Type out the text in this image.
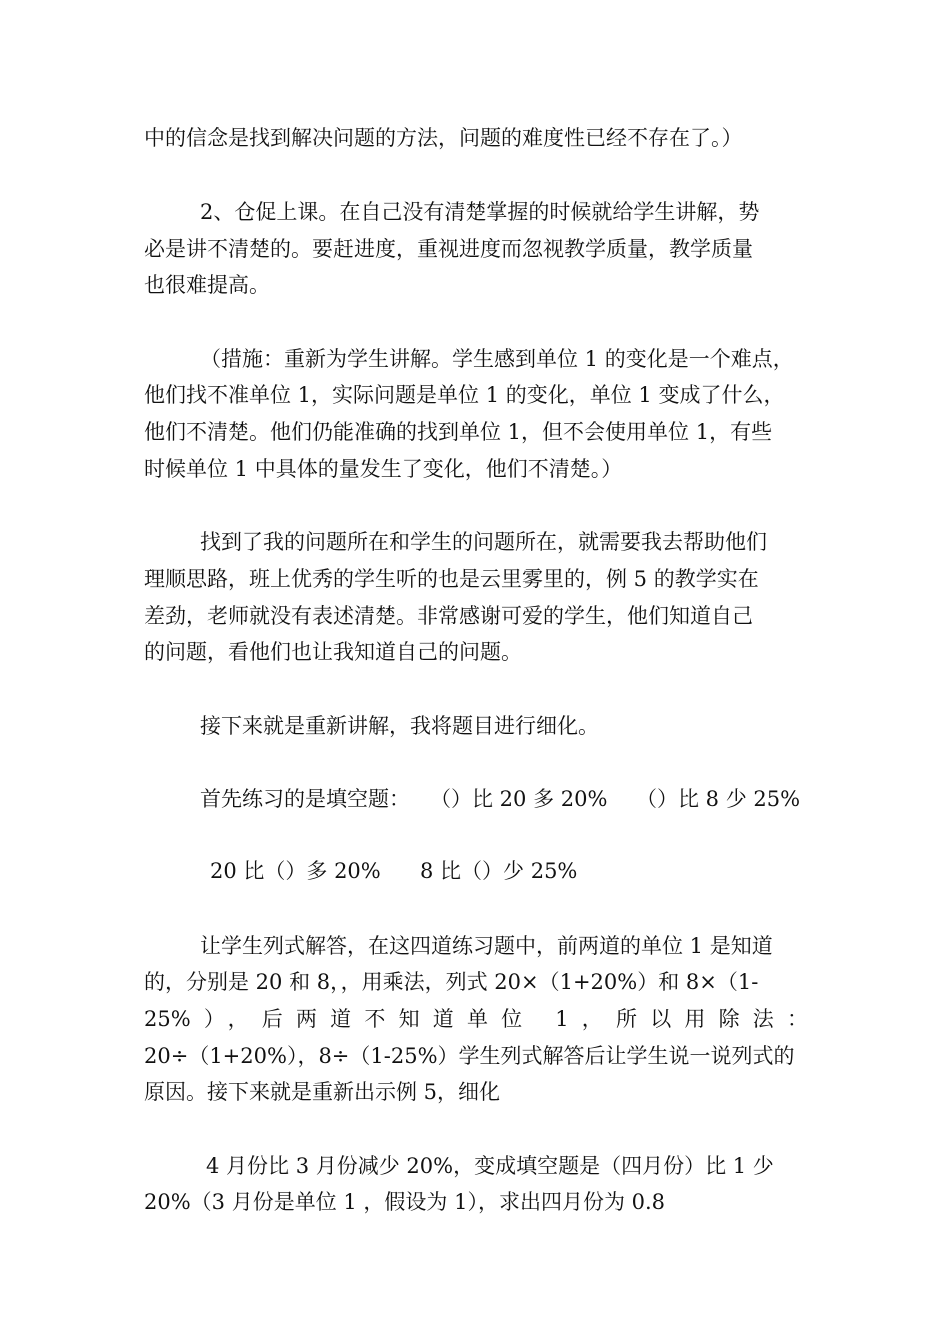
中的信念是找到解决问题的方法，问题的难度性已经不存在了。）

2、仓促上课。在自己没有清楚掌握的时候就给学生讲解，势

必是讲不清楚的。要赶进度，重视进度而忽视教学质量，教学质量

也很难提高。

（措施：重新为学生讲解。学生感到单位 1 的变化是一个难点，

他们找不准单位 1，实际问题是单位 1 的变化，单位 1 变成了什么，

他们不清楚。他们仍能准确的找到单位 1，但不会使用单位 1，有些

时候单位 1 中具体的量发生了变化，他们不清楚。）

找到了我的问题所在和学生的问题所在，就需要我去帮助他们

理顺思路，班上优秀的学生听的也是云里雾里的，例 5 的教学实在

差劲，老师就没有表述清楚。非常感谢可爱的学生，他们知道自己

的问题，看他们也让我知道自己的问题。

接下来就是重新讲解，我将题目进行细化。

首先练习的是填空题： （）比 20 多 20% （）比 8 少 25%

20 比（）多 20% 8 比（）少 25%

让学生列式解答，在这四道练习题中，前两道的单位 1 是知道

的，分别是 20 和 8，，用乘法，列式 20×（1+20%）和 8×（1-

25%），后两道不知道单位 1，所以用除法：

20÷（1+20%），8÷（1-25%）学生列式解答后让学生说一说列式的

原因。接下来就是重新出示例 5，细化

4 月份比 3 月份减少 20%，变成填空题是（四月份）比 1 少

20%（3 月份是单位 1 ，假设为 1），求出四月份为 0.8
